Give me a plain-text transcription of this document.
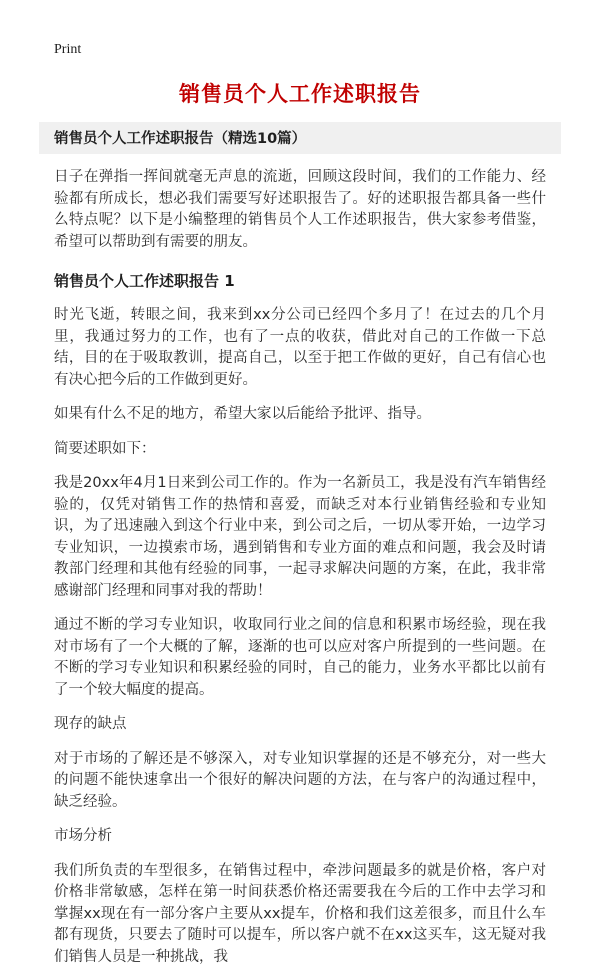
Print
销售员个人工作述职报告
销售员个人工作述职报告（精选10篇）

日子在弹指一挥间就毫无声息的流逝，回顾这段时间，我们的工作能力、经验都有所成长，想必我们需要写好述职报告了。好的述职报告都具备一些什么特点呢？以下是小编整理的销售员个人工作述职报告，供大家参考借鉴，希望可以帮助到有需要的朋友。

销售员个人工作述职报告 1

时光飞逝，转眼之间，我来到xx分公司已经四个多月了！在过去的几个月里，我通过努力的工作，也有了一点的收获，借此对自己的工作做一下总结，目的在于吸取教训，提高自己，以至于把工作做的更好，自己有信心也有决心把今后的工作做到更好。

如果有什么不足的地方，希望大家以后能给予批评、指导。

简要述职如下：

我是20xx年4月1日来到公司工作的。作为一名新员工，我是没有汽车销售经验的，仅凭对销售工作的热情和喜爱，而缺乏对本行业销售经验和专业知识，为了迅速融入到这个行业中来，到公司之后，一切从零开始，一边学习专业知识，一边摸索市场，遇到销售和专业方面的难点和问题，我会及时请教部门经理和其他有经验的同事，一起寻求解决问题的方案，在此，我非常感谢部门经理和同事对我的帮助！

通过不断的学习专业知识，收取同行业之间的信息和积累市场经验，现在我对市场有了一个大概的了解，逐渐的也可以应对客户所提到的一些问题。在不断的学习专业知识和积累经验的同时，自己的能力，业务水平都比以前有了一个较大幅度的提高。

现存的缺点

对于市场的了解还是不够深入，对专业知识掌握的还是不够充分，对一些大的问题不能快速拿出一个很好的解决问题的方法，在与客户的沟通过程中，缺乏经验。

市场分析

我们所负责的车型很多，在销售过程中，牵涉问题最多的就是价格，客户对价格非常敏感，怎样在第一时间获悉价格还需要我在今后的工作中去学习和掌握xx现在有一部分客户主要从xx提车，价格和我们这差很多，而且什么车都有现货，只要去了随时可以提车，所以客户就不在xx这买车，这无疑对我们销售人员是一种挑战，我
